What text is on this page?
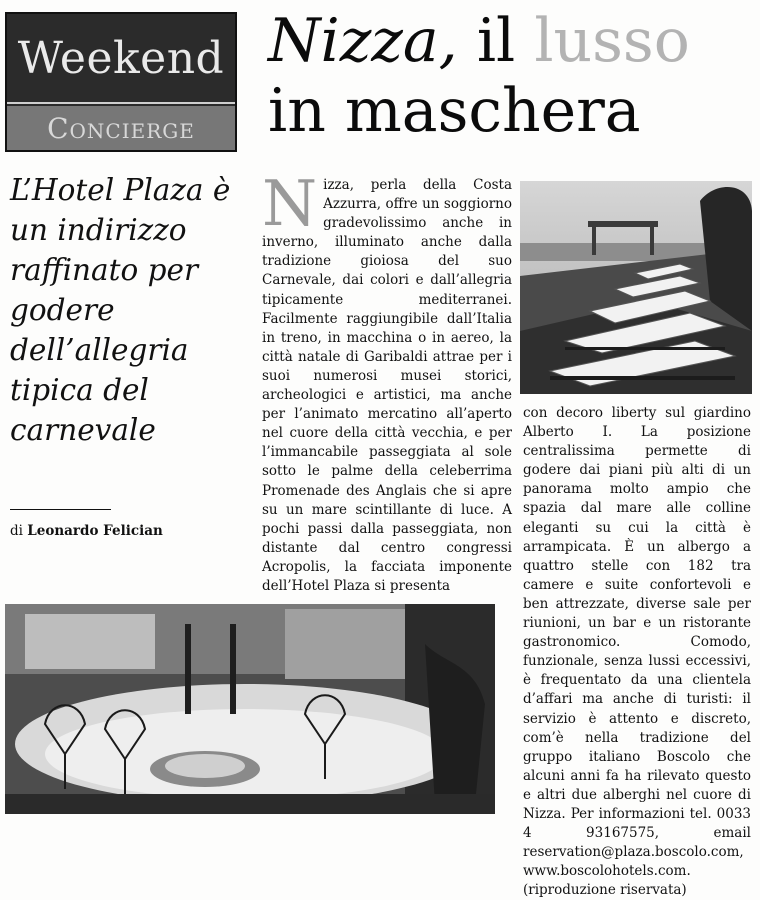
Weekend
Concierge
Nizza, il lusso
in maschera

L’Hotel Plaza è un indirizzo raffinato per godere dell’allegria tipica del carnevale

di Leonardo Felician

Nizza, perla della Costa Azzurra, offre un soggiorno gradevolissimo anche in inverno, illuminato anche dalla tradizione gioiosa del suo Carnevale, dai colori e dall’allegria tipicamente mediterranei. Facilmente raggiungibile dall’Italia in treno, in macchina o in aereo, la città natale di Garibaldi attrae per i suoi numerosi musei storici, archeologici e artistici, ma anche per l’animato mercatino all’aperto nel cuore della città vecchia, e per l’immancabile passeggiata al sole sotto le palme della celeberrima Promenade des Anglais che si apre su un mare scintillante di luce. A pochi passi dalla passeggiata, non distante dal centro congressi Acropolis, la facciata imponente dell’Hotel Plaza si presenta

con decoro liberty sul giardino Alberto I. La posizione centralissima permette di godere dai piani più alti di un panorama molto ampio che spazia dal mare alle colline eleganti su cui la città è arrampicata. È un albergo a quattro stelle con 182 tra camere e suite confortevoli e ben attrezzate, diverse sale per riunioni, un bar e un ristorante gastronomico. Comodo, funzionale, senza lussi eccessivi, è frequentato da una clientela d’affari ma anche di turisti: il servizio è attento e discreto, com’è nella tradizione del gruppo italiano Boscolo che alcuni anni fa ha rilevato questo e altri due alberghi nel cuore di Nizza. Per informazioni tel. 0033 4 93167575, email reservation@plaza.boscolo.com, www.boscolohotels.com. (riproduzione riservata)
